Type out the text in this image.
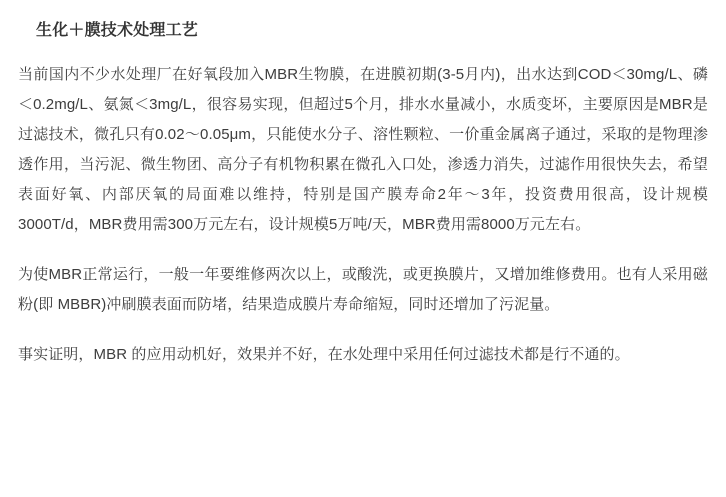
生化＋膜技术处理工艺

当前国内不少水处理厂在好氧段加入MBR生物膜，在进膜初期(3-5月内)，出水达到COD＜30mg/L、磷＜0.2mg/L、氨氮＜3mg/L，很容易实现，但超过5个月，排水水量减小，水质变坏，主要原因是MBR是过滤技术，微孔只有0.02～0.05μm，只能使水分子、溶性颗粒、一价重金属离子通过，采取的是物理渗透作用，当污泥、微生物团、高分子有机物积累在微孔入口处，渗透力消失，过滤作用很快失去，希望表面好氧、内部厌氧的局面难以维持，特别是国产膜寿命2年～3年，投资费用很高，设计规模3000T/d，MBR费用需300万元左右，设计规模5万吨/天，MBR费用需8000万元左右。

为使MBR正常运行，一般一年要维修两次以上，或酸洗，或更换膜片，又增加维修费用。也有人采用磁粉(即 MBBR)冲刷膜表面而防堵，结果造成膜片寿命缩短，同时还增加了污泥量。

事实证明，MBR 的应用动机好，效果并不好，在水处理中采用任何过滤技术都是行不通的。
